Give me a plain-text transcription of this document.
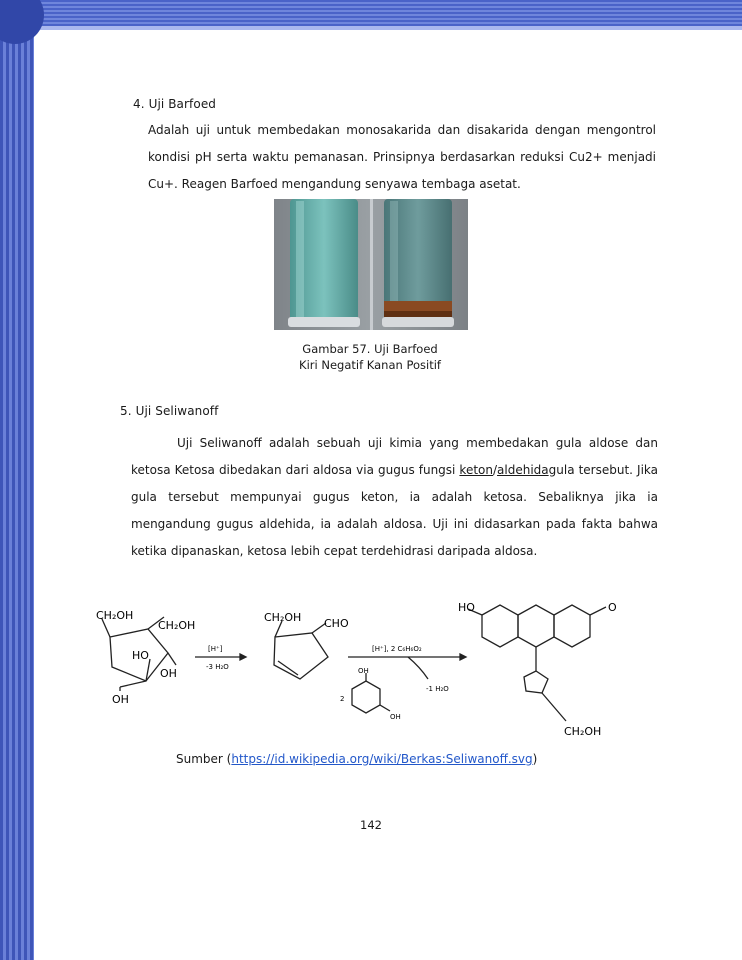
4. Uji Barfoed
Adalah uji untuk membedakan monosakarida dan disakarida dengan mengontrol kondisi pH serta waktu pemanasan. Prinsipnya berdasarkan reduksi Cu2+ menjadi Cu+. Reagen Barfoed mengandung senyawa tembaga asetat.
Gambar 57. Uji Barfoed
Kiri Negatif Kanan Positif
5. Uji Seliwanoff
Uji Seliwanoff adalah sebuah uji kimia yang membedakan gula aldose dan ketosa Ketosa dibedakan dari aldosa via gugus fungsi keton/aldehidagula tersebut. Jika gula tersebut mempunyai gugus keton, ia adalah ketosa. Sebaliknya jika ia mengandung gugus aldehida, ia adalah aldosa. Uji ini didasarkan pada fakta bahwa ketika dipanaskan, ketosa lebih cepat terdehidrasi daripada aldosa.
CH₂OH
CH₂OH
HO
OH
OH
[H⁺]
-3 H₂O
CH₂OH CHO
[H⁺], 2 C₆H₆O₂
-1 H₂O
OH
OH
2
HO	O
CH₂OH
Sumber (https://id.wikipedia.org/wiki/Berkas:Seliwanoff.svg)
142
